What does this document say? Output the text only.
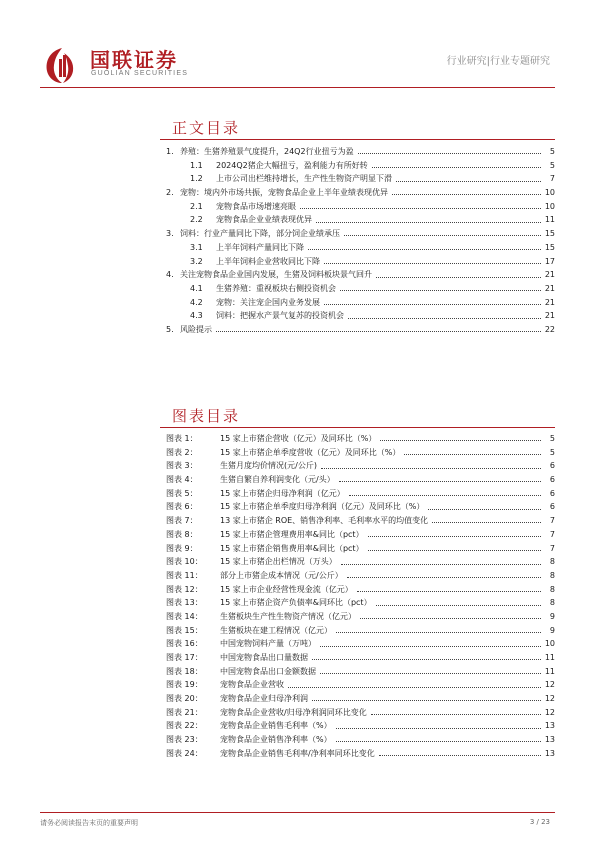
国联证券
GUOLIAN SECURITIES
行业研究|行业专题研究
正文目录
1. 养殖：生猪养殖景气度提升，24Q2行业扭亏为盈	5
1.1	2024Q2猪企大幅扭亏，盈利能力有所好转	5
1.2	上市公司出栏维持增长，生产性生物资产明显下滑	7
2. 宠物：境内外市场共振，宠物食品企业上半年业绩表现优异	10
2.1	宠物食品市场增速亮眼	10
2.2	宠物食品企业业绩表现优异	11
3. 饲料：行业产量同比下降，部分饲企业绩承压	15
3.1	上半年饲料产量同比下降	15
3.2	上半年饲料企业营收同比下降	17
4. 关注宠物食品企业国内发展，生猪及饲料板块景气回升	21
4.1	生猪养殖：重视板块右侧投资机会	21
4.2	宠物：关注宠企国内业务发展	21
4.3	饲料：把握水产景气复苏的投资机会	21
5. 风险提示	22
图表目录
图表 1：	15 家上市猪企营收（亿元）及同环比（%）	5
图表 2：	15 家上市猪企单季度营收（亿元）及同环比（%）	5
图表 3：	生猪月度均价情况(元/公斤)	6
图表 4：	生猪自繁自养利润变化（元/头）	6
图表 5：	15 家上市猪企归母净利润（亿元）	6
图表 6：	15 家上市猪企单季度归母净利润（亿元）及同环比（%）	6
图表 7：	13 家上市猪企 ROE、销售净利率、毛利率水平的均值变化	7
图表 8：	15 家上市猪企管理费用率&同比（pct）	7
图表 9：	15 家上市猪企销售费用率&同比（pct）	7
图表 10：	15 家上市猪企出栏情况（万头）	8
图表 11：	部分上市猪企成本情况（元/公斤）	8
图表 12：	15 家上市企业经营性现金流（亿元）	8
图表 13：	15 家上市猪企资产负债率&同环比（pct）	8
图表 14：	生猪板块生产性生物资产情况（亿元）	9
图表 15：	生猪板块在建工程情况（亿元）	9
图表 16：	中国宠物饲料产量（万吨）	10
图表 17：	中国宠物食品出口量数据	11
图表 18：	中国宠物食品出口金额数据	11
图表 19：	宠物食品企业营收	12
图表 20：	宠物食品企业归母净利润	12
图表 21：	宠物食品企业营收/归母净利润同环比变化	12
图表 22：	宠物食品企业销售毛利率（%）	13
图表 23：	宠物食品企业销售净利率（%）	13
图表 24：	宠物食品企业销售毛利率/净利率同环比变化	13
请务必阅读报告末页的重要声明	3 / 23
